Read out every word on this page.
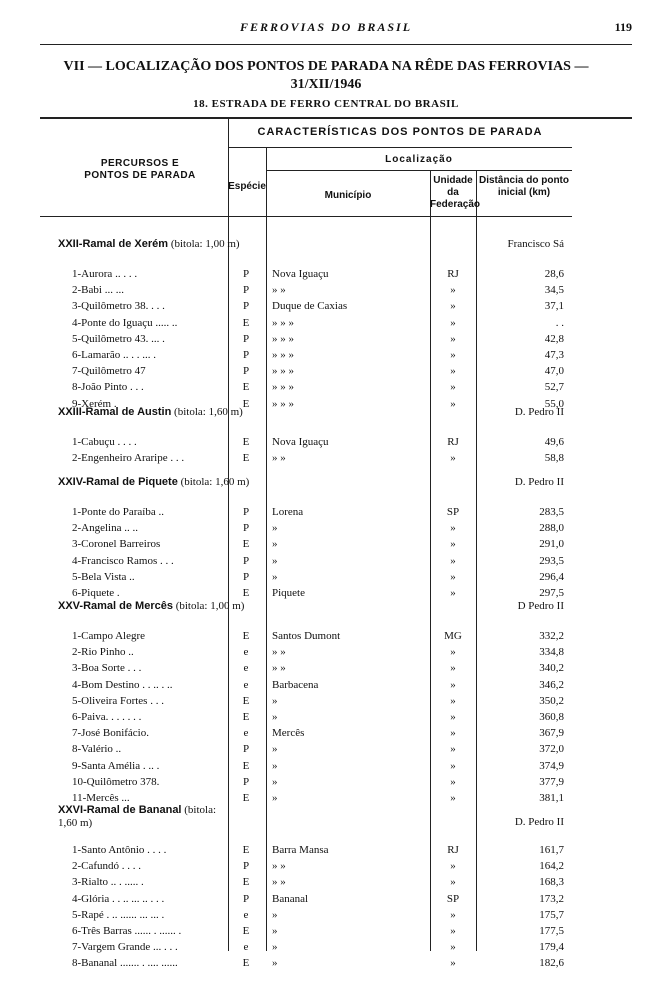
FERROVIAS DO BRASIL	119
VII — LOCALIZAÇÃO DOS PONTOS DE PARADA NA RÊDE DAS FERROVIAS — 31/XII/1946
18. ESTRADA DE FERRO CENTRAL DO BRASIL
CARACTERÍSTICAS DOS PONTOS DE PARADA
PERCURSOS E PONTOS DE PARADA
Localização
Espécie
Município
Unidade da Federação
Distância do ponto inicial (km)
XXII-Ramal de Xerém (bitola: 1,00 m)	Francisco Sá
1-Aurora .. . . .	P	Nova Iguaçu	RJ	28,6
2-Babi ... ...	P	» »	»	34,5
3-Quilômetro 38. . . .	P	Duque de Caxias	»	37,1
4-Ponte do Iguaçu ..... ..	E	» » »	»	. .
5-Quilômetro 43. ... .	P	» » »	»	42,8
6-Lamarão .. . . ... .	P	» » »	»	47,3
7-Quilômetro 47	P	» » »	»	47,0
8-João Pinto . . .	E	» » »	»	52,7
9-Xerém .	E	» » »	»	55,0
XXIII-Ramal de Austin (bitola: 1,60 m)	D. Pedro II
1-Cabuçu . . . .	E	Nova Iguaçu	RJ	49,6
2-Engenheiro Araripe . . .	E	» »	»	58,8
XXIV-Ramal de Piquete (bitola: 1,60 m)	D. Pedro II
1-Ponte do Paraíba ..	P	Lorena	SP	283,5
2-Angelina .. ..	P	»	»	288,0
3-Coronel Barreiros	E	»	»	291,0
4-Francisco Ramos . . .	P	»	»	293,5
5-Bela Vista ..	P	»	»	296,4
6-Piquete .	E	Piquete	»	297,5
XXV-Ramal de Mercês (bitola: 1,00 m)	D Pedro II
1-Campo Alegre	E	Santos Dumont	MG	332,2
2-Rio Pinho ..	e	» »	»	334,8
3-Boa Sorte . . .	e	» »	»	340,2
4-Bom Destino . . .. . ..	e	Barbacena	»	346,2
5-Oliveira Fortes . . .	E	»	»	350,2
6-Paiva. . . . . . .	E	»	»	360,8
7-José Bonifácio.	e	Mercês	»	367,9
8-Valério ..	P	»	»	372,0
9-Santa Amélia . .. .	E	»	»	374,9
10-Quilômetro 378.	P	»	»	377,9
11-Mercês ...	E	»	»	381,1
XXVI-Ramal de Bananal (bitola: 1,60 m)	D. Pedro II
1-Santo Antônio . . . .	E	Barra Mansa	RJ	161,7
2-Cafundó . . . .	P	» »	»	164,2
3-Rialto .. . ..... .	E	» »	»	168,3
4-Glória . . .. ... .. . . .	P	Bananal	SP	173,2
5-Rapé . .. ...... ... ... .	e	»	»	175,7
6-Três Barras ...... . ...... .	E	»	»	177,5
7-Vargem Grande ... . . .	e	»	»	179,4
8-Bananal ....... . .... ......	E	»	»	182,6
